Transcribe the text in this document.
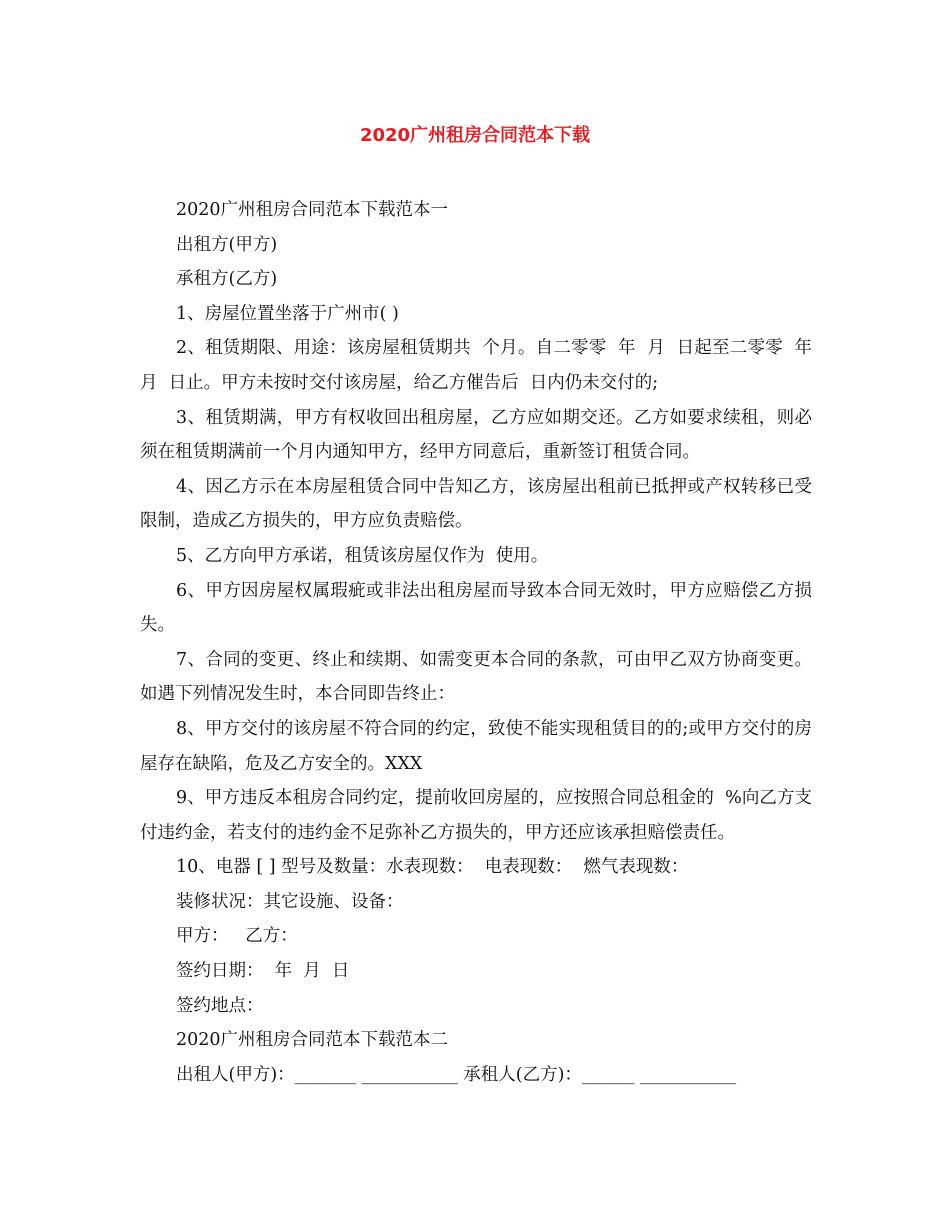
2020广州租房合同范本下载

2020广州租房合同范本下载范本一

出租方(甲方)

承租方(乙方)

1、房屋位置坐落于广州市( )

2、租赁期限、用途：该房屋租赁期共  个月。自二零零  年  月  日起至二零零  年  月  日止。甲方未按时交付该房屋，给乙方催告后  日内仍未交付的;

3、租赁期满，甲方有权收回出租房屋，乙方应如期交还。乙方如要求续租，则必须在租赁期满前一个月内通知甲方，经甲方同意后，重新签订租赁合同。

4、因乙方示在本房屋租赁合同中告知乙方，该房屋出租前已抵押或产权转移已受限制，造成乙方损失的，甲方应负责赔偿。

5、乙方向甲方承诺，租赁该房屋仅作为  使用。

6、甲方因房屋权属瑕疵或非法出租房屋而导致本合同无效时，甲方应赔偿乙方损失。

7、合同的变更、终止和续期、如需变更本合同的条款，可由甲乙双方协商变更。如遇下列情况发生时，本合同即告终止：

8、甲方交付的该房屋不符合同的约定，致使不能实现租赁目的的;或甲方交付的房屋存在缺陷，危及乙方安全的。XXX

9、甲方违反本租房合同约定，提前收回房屋的，应按照合同总租金的  %向乙方支付违约金，若支付的违约金不足弥补乙方损失的，甲方还应该承担赔偿责任。

10、电器 [ ] 型号及数量：水表现数：  电表现数：  燃气表现数：

装修状况：其它设施、设备：

甲方：   乙方：

签约日期：  年  月  日

签约地点：

2020广州租房合同范本下载范本二

出租人(甲方)：_______ ___________ 承租人(乙方)：______ ___________
